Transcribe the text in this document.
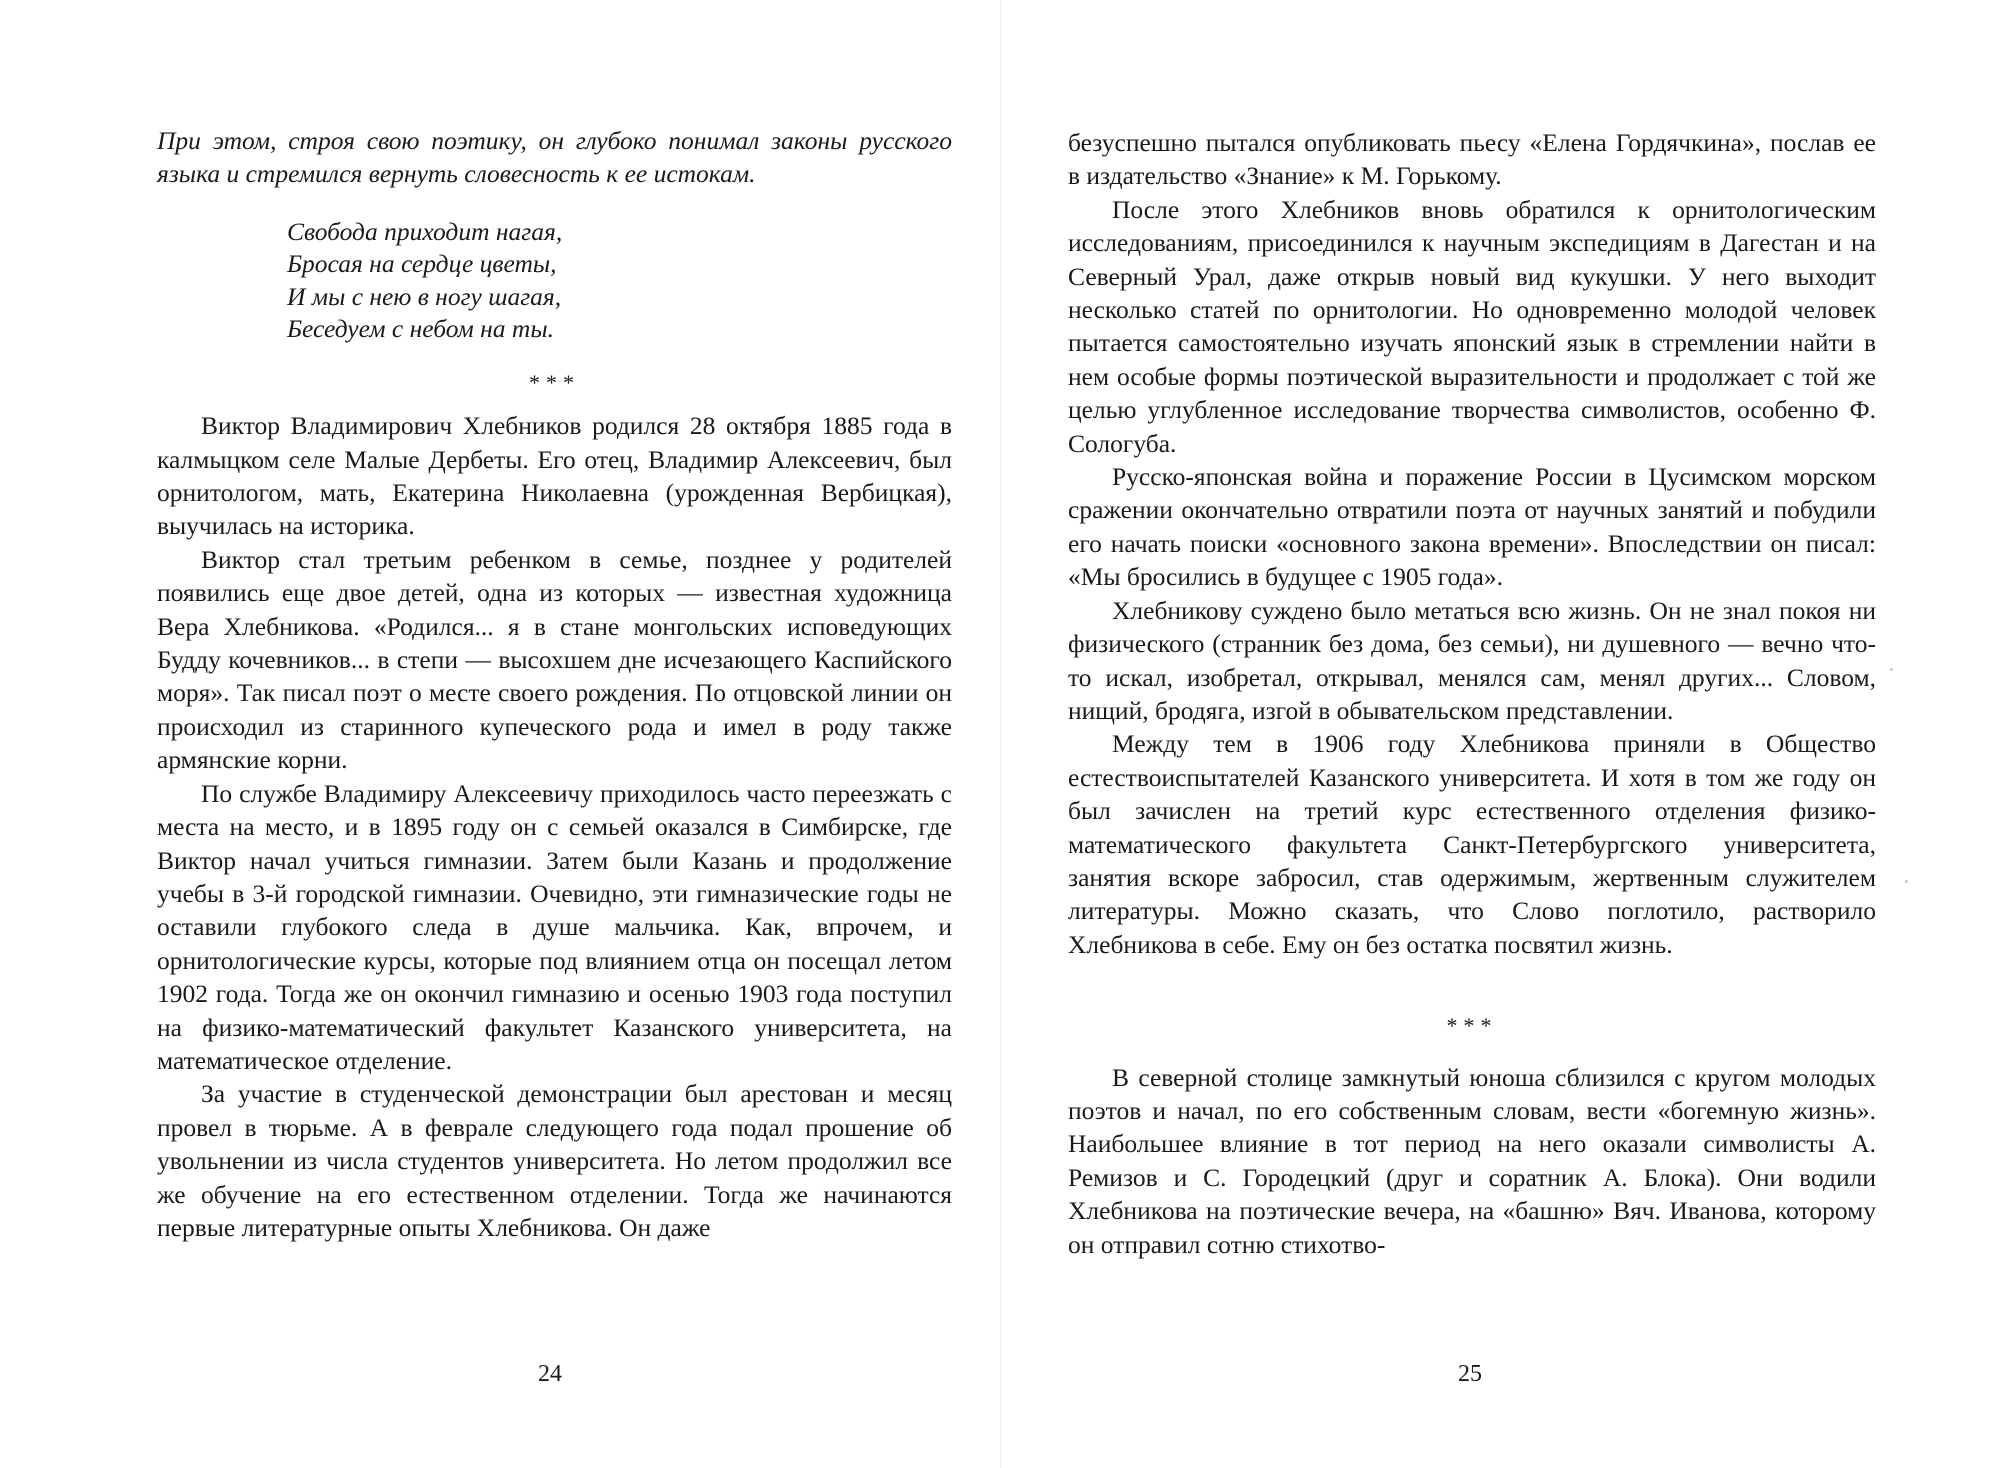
При этом, строя свою поэтику, он глубоко понимал законы русского языка и стремился вернуть словесность к ее истокам.

Свобода приходит нагая,
Бросая на сердце цветы,
И мы с нею в ногу шагая,
Беседуем с небом на ты.
***

Виктор Владимирович Хлебников родился 28 октября 1885 года в калмыцком селе Малые Дербеты. Его отец, Владимир Алексеевич, был орнитологом, мать, Екатерина Николаевна (урожденная Вербицкая), выучилась на историка.

Виктор стал третьим ребенком в семье, позднее у родителей появились еще двое детей, одна из которых — известная художница Вера Хлебникова. «Родился... я в стане монгольских исповедующих Будду кочевников... в степи — высохшем дне исчезающего Каспийского моря». Так писал поэт о месте своего рождения. По отцовской линии он происходил из старинного купеческого рода и имел в роду также армянские корни.

По службе Владимиру Алексеевичу приходилось часто переезжать с места на место, и в 1895 году он с семьей оказался в Симбирске, где Виктор начал учиться гимназии. Затем были Казань и продолжение учебы в 3-й городской гимназии. Очевидно, эти гимназические годы не оставили глубокого следа в душе мальчика. Как, впрочем, и орнитологические курсы, которые под влиянием отца он посещал летом 1902 года. Тогда же он окончил гимназию и осенью 1903 года поступил на физико-математический факультет Казанского университета, на математическое отделение.

За участие в студенческой демонстрации был арестован и месяц провел в тюрьме. А в феврале следующего года подал прошение об увольнении из числа студентов университета. Но летом продолжил все же обучение на его естественном отделении. Тогда же начинаются первые литературные опыты Хлебникова. Он даже

24

безуспешно пытался опубликовать пьесу «Елена Гордячкина», послав ее в издательство «Знание» к М. Горькому.

После этого Хлебников вновь обратился к орнитологическим исследованиям, присоединился к научным экспедициям в Дагестан и на Северный Урал, даже открыв новый вид кукушки. У него выходит несколько статей по орнитологии. Но одновременно молодой человек пытается самостоятельно изучать японский язык в стремлении найти в нем особые формы поэтической выразительности и продолжает с той же целью углубленное исследование творчества символистов, особенно Ф. Сологуба.

Русско-японская война и поражение России в Цусимском морском сражении окончательно отвратили поэта от научных занятий и побудили его начать поиски «основного закона времени». Впоследствии он писал: «Мы бросились в будущее с 1905 года».

Хлебникову суждено было метаться всю жизнь. Он не знал покоя ни физического (странник без дома, без семьи), ни душевного — вечно что-то искал, изобретал, открывал, менялся сам, менял других... Словом, нищий, бродяга, изгой в обывательском представлении.

Между тем в 1906 году Хлебникова приняли в Общество естествоиспытателей Казанского университета. И хотя в том же году он был зачислен на третий курс естественного отделения физико-математического факультета Санкт-Петербургского университета, занятия вскоре забросил, став одержимым, жертвенным служителем литературы. Можно сказать, что Слово поглотило, растворило Хлебникова в себе. Ему он без остатка посвятил жизнь.

***

В северной столице замкнутый юноша сблизился с кругом молодых поэтов и начал, по его собственным словам, вести «богемную жизнь». Наибольшее влияние в тот период на него оказали символисты А. Ремизов и С. Городецкий (друг и соратник А. Блока). Они водили Хлебникова на поэтические вечера, на «башню» Вяч. Иванова, которому он отправил сотню стихотво-

25
